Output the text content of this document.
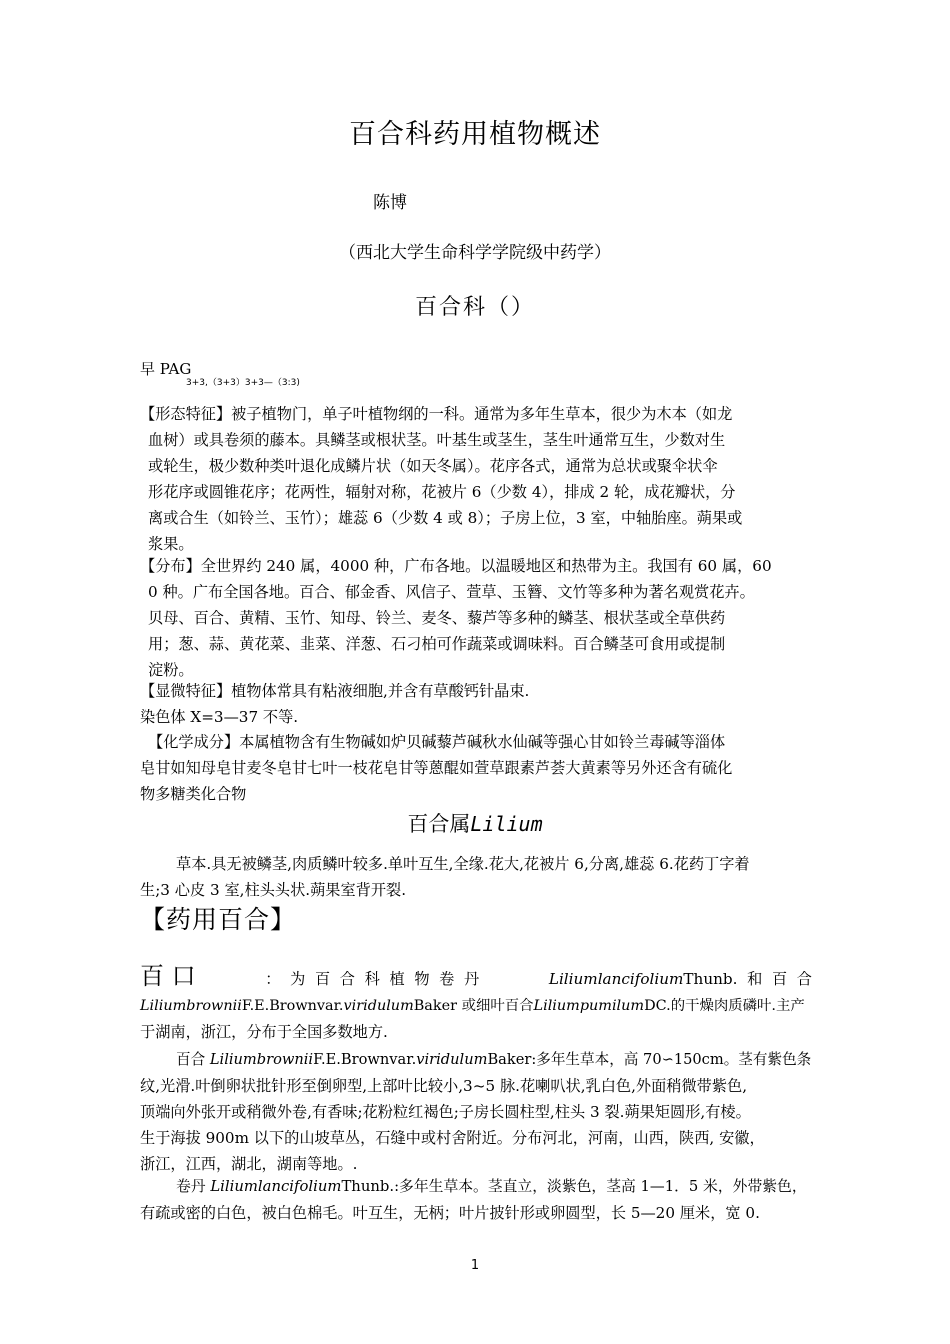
百合科药用植物概述
陈博
（西北大学生命科学学院级中药学）
百合科（）
早 PAG
3+3,（3+3）3+3—（3:3)
【形态特征】被子植物门，单子叶植物纲的一科。通常为多年生草本，很少为木本（如龙
血树）或具卷须的藤本。具鳞茎或根状茎。叶基生或茎生，茎生叶通常互生，少数对生
或轮生，极少数种类叶退化成鳞片状（如天冬属）。花序各式，通常为总状或聚伞状伞
形花序或圆锥花序；花两性，辐射对称，花被片 6（少数 4），排成 2 轮，成花瓣状，分
离或合生（如铃兰、玉竹）；雄蕊 6（少数 4 或 8）；子房上位，3 室，中轴胎座。蒴果或
浆果。
【分布】全世界约 240 属，4000 种，广布各地。以温暖地区和热带为主。我国有 60 属，60
0 种。广布全国各地。百合、郁金香、风信子、萱草、玉簪、文竹等多种为著名观赏花卉。
贝母、百合、黄精、玉竹、知母、铃兰、麦冬、藜芦等多种的鳞茎、根状茎或全草供药
用；葱、蒜、黄花菜、韭菜、洋葱、石刁柏可作蔬菜或调味料。百合鳞茎可食用或提制
淀粉。
【显微特征】植物体常具有粘液细胞,并含有草酸钙针晶束.
染色体 X=3—37 不等.
【化学成分】本属植物含有生物碱如炉贝碱藜芦碱秋水仙碱等强心甘如铃兰毒碱等淄体
皂甘如知母皂甘麦冬皂甘七叶一枝花皂甘等蒽醌如萱草跟素芦荟大黄素等另外还含有硫化
物多糖类化合物
百合属Lilium
草本.具无被鳞茎,肉质鳞叶较多.单叶互生,全缘.花大,花被片 6,分离,雄蕊 6.花药丁字着
生;3 心皮 3 室,柱头头状.蒴果室背开裂.
【药用百合】
百 口	：  为  百  合  科  植  物  卷  丹	LiliumlancifoliumThunb.  和  百  合
LiliumbrowniiF.E.Brownvar.viridulumBaker 或细叶百合LiliumpumilumDC.的干燥肉质磷叶.主产
于湖南，浙江，分布于全国多数地方.
百合 LiliumbrowniiF.E.Brownvar.viridulumBaker:多年生草本，高 70∽150cm。茎有紫色条
纹,光滑.叶倒卵状批针形至倒卵型,上部叶比较小,3~5 脉.花喇叭状,乳白色,外面稍微带紫色,
顶端向外张开或稍微外卷,有香味;花粉粒红褐色;子房长圆柱型,柱头 3 裂.蒴果矩圆形,有棱。
生于海拔 900m 以下的山坡草丛，石缝中或村舍附近。分布河北，河南，山西，陕西, 安徽，
浙江，江西，湖北，湖南等地。.
卷丹 LiliumlancifoliumThunb.:多年生草本。茎直立，淡紫色，茎高 1—1．5 米，外带紫色，
有疏或密的白色，被白色棉毛。叶互生，无柄；叶片披针形或卵圆型，长 5—20 厘米，宽 0.
1
